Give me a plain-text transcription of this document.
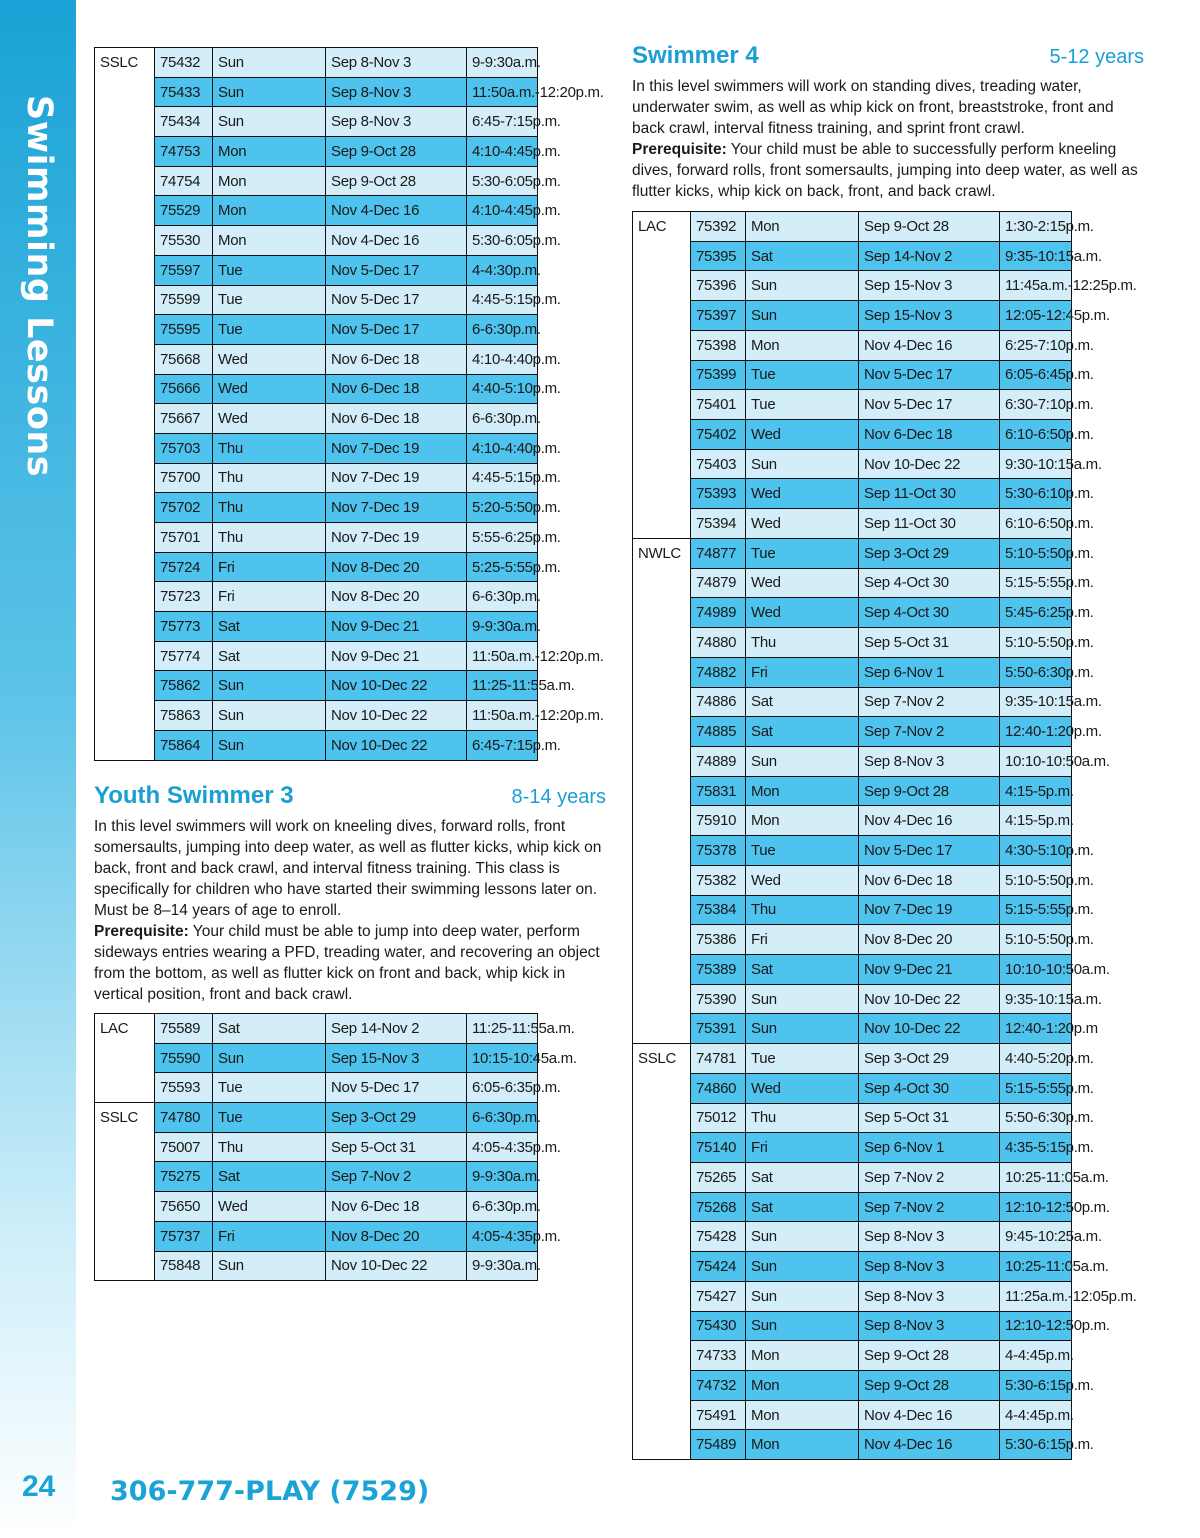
Swimming Lessons
SSLC	75432	Sun	Sep 8-Nov 3	9-9:30a.m.	
	75433	Sun	Sep 8-Nov 3	11:50a.m.-12:20p.m.	
	75434	Sun	Sep 8-Nov 3	6:45-7:15p.m.	
	74753	Mon	Sep 9-Oct 28	4:10-4:45p.m.	
	74754	Mon	Sep 9-Oct 28	5:30-6:05p.m.	
	75529	Mon	Nov 4-Dec 16	4:10-4:45p.m.	
	75530	Mon	Nov 4-Dec 16	5:30-6:05p.m.	
	75597	Tue	Nov 5-Dec 17	4-4:30p.m.	
	75599	Tue	Nov 5-Dec 17	4:45-5:15p.m.	
	75595	Tue	Nov 5-Dec 17	6-6:30p.m.	
	75668	Wed	Nov 6-Dec 18	4:10-4:40p.m.	
	75666	Wed	Nov 6-Dec 18	4:40-5:10p.m.	
	75667	Wed	Nov 6-Dec 18	6-6:30p.m.	
	75703	Thu	Nov 7-Dec 19	4:10-4:40p.m.	
	75700	Thu	Nov 7-Dec 19	4:45-5:15p.m.	
	75702	Thu	Nov 7-Dec 19	5:20-5:50p.m.	
	75701	Thu	Nov 7-Dec 19	5:55-6:25p.m.	
	75724	Fri	Nov 8-Dec 20	5:25-5:55p.m.	
	75723	Fri	Nov 8-Dec 20	6-6:30p.m.	
	75773	Sat	Nov 9-Dec 21	9-9:30a.m.	
	75774	Sat	Nov 9-Dec 21	11:50a.m.-12:20p.m.	
	75862	Sun	Nov 10-Dec 22	11:25-11:55a.m.	
	75863	Sun	Nov 10-Dec 22	11:50a.m.-12:20p.m.	
	75864	Sun	Nov 10-Dec 22	6:45-7:15p.m.	
Youth Swimmer 3	8-14 years

In this level swimmers will work on kneeling dives, forward rolls, front somersaults, jumping into deep water, as well as flutter kicks, whip kick on back, front and back crawl, and interval fitness training. This class is specifically for children who have started their swimming lessons later on. Must be 8–14 years of age to enroll.
Prerequisite: Your child must be able to jump into deep water, perform sideways entries wearing a PFD, treading water, and recovering an object from the bottom, as well as flutter kick on front and back, whip kick in vertical position, front and back crawl.

LAC	75589	Sat	Sep 14-Nov 2	11:25-11:55a.m.	
	75590	Sun	Sep 15-Nov 3	10:15-10:45a.m.	
	75593	Tue	Nov 5-Dec 17	6:05-6:35p.m.	
SSLC	74780	Tue	Sep 3-Oct 29	6-6:30p.m.	
	75007	Thu	Sep 5-Oct 31	4:05-4:35p.m.	
	75275	Sat	Sep 7-Nov 2	9-9:30a.m.	
	75650	Wed	Nov 6-Dec 18	6-6:30p.m.	
	75737	Fri	Nov 8-Dec 20	4:05-4:35p.m.	
	75848	Sun	Nov 10-Dec 22	9-9:30a.m.	
Swimmer 4	5-12 years

In this level swimmers will work on standing dives, treading water, underwater swim, as well as whip kick on front, breaststroke, front and back crawl, interval fitness training, and sprint front crawl.
Prerequisite: Your child must be able to successfully perform kneeling dives, forward rolls, front somersaults, jumping into deep water, as well as flutter kicks, whip kick on back, front, and back crawl.

LAC	75392	Mon	Sep 9-Oct 28	1:30-2:15p.m.	
	75395	Sat	Sep 14-Nov 2	9:35-10:15a.m.	
	75396	Sun	Sep 15-Nov 3	11:45a.m.-12:25p.m.	
	75397	Sun	Sep 15-Nov 3	12:05-12:45p.m.	
	75398	Mon	Nov 4-Dec 16	6:25-7:10p.m.	
	75399	Tue	Nov 5-Dec 17	6:05-6:45p.m.	
	75401	Tue	Nov 5-Dec 17	6:30-7:10p.m.	
	75402	Wed	Nov 6-Dec 18	6:10-6:50p.m.	
	75403	Sun	Nov 10-Dec 22	9:30-10:15a.m.	
	75393	Wed	Sep 11-Oct 30	5:30-6:10p.m.	
	75394	Wed	Sep 11-Oct 30	6:10-6:50p.m.	
NWLC	74877	Tue	Sep 3-Oct 29	5:10-5:50p.m.	
	74879	Wed	Sep 4-Oct 30	5:15-5:55p.m.	
	74989	Wed	Sep 4-Oct 30	5:45-6:25p.m.	
	74880	Thu	Sep 5-Oct 31	5:10-5:50p.m.	
	74882	Fri	Sep 6-Nov 1	5:50-6:30p.m.	
	74886	Sat	Sep 7-Nov 2	9:35-10:15a.m.	
	74885	Sat	Sep 7-Nov 2	12:40-1:20p.m.	
	74889	Sun	Sep 8-Nov 3	10:10-10:50a.m.	
	75831	Mon	Sep 9-Oct 28	4:15-5p.m.	
	75910	Mon	Nov 4-Dec 16	4:15-5p.m.	
	75378	Tue	Nov 5-Dec 17	4:30-5:10p.m.	
	75382	Wed	Nov 6-Dec 18	5:10-5:50p.m.	
	75384	Thu	Nov 7-Dec 19	5:15-5:55p.m.	
	75386	Fri	Nov 8-Dec 20	5:10-5:50p.m.	
	75389	Sat	Nov 9-Dec 21	10:10-10:50a.m.	
	75390	Sun	Nov 10-Dec 22	9:35-10:15a.m.	
	75391	Sun	Nov 10-Dec 22	12:40-1:20p.m	
SSLC	74781	Tue	Sep 3-Oct 29	4:40-5:20p.m.	
	74860	Wed	Sep 4-Oct 30	5:15-5:55p.m.	
	75012	Thu	Sep 5-Oct 31	5:50-6:30p.m.	
	75140	Fri	Sep 6-Nov 1	4:35-5:15p.m.	
	75265	Sat	Sep 7-Nov 2	10:25-11:05a.m.	
	75268	Sat	Sep 7-Nov 2	12:10-12:50p.m.	
	75428	Sun	Sep 8-Nov 3	9:45-10:25a.m.	
	75424	Sun	Sep 8-Nov 3	10:25-11:05a.m.	
	75427	Sun	Sep 8-Nov 3	11:25a.m.-12:05p.m.	
	75430	Sun	Sep 8-Nov 3	12:10-12:50p.m.	
	74733	Mon	Sep 9-Oct 28	4-4:45p.m.	
	74732	Mon	Sep 9-Oct 28	5:30-6:15p.m.	
	75491	Mon	Nov 4-Dec 16	4-4:45p.m.	
	75489	Mon	Nov 4-Dec 16	5:30-6:15p.m.	
24 306-777-PLAY (7529)
